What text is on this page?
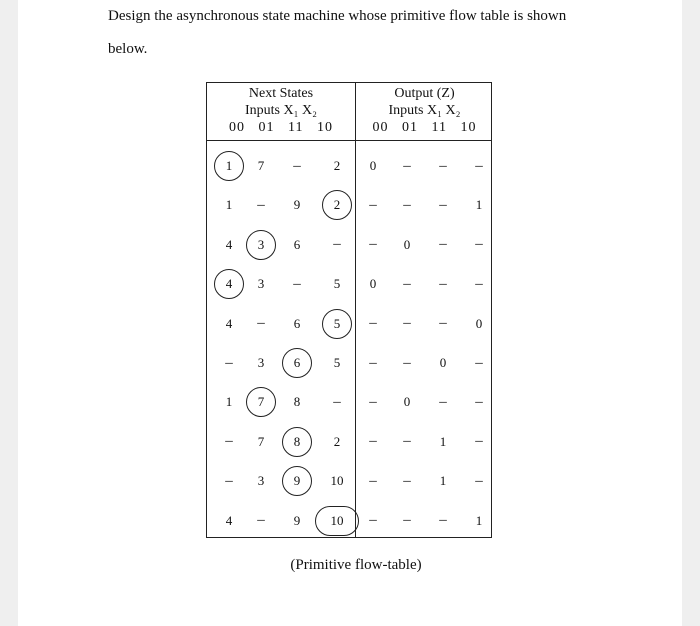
Design the asynchronous state machine whose primitive flow table is shown
below.
Next States
Inputs X₁ X₂
00   01   11   10
Output (Z)
Inputs X₁ X₂
00   01   11   10
1	7	–	2	0	–	–	–
1	–	9	2	–	–	–	1
4	3	6	–	–	0	–	–
4	3	–	5	0	–	–	–
4	–	6	5	–	–	–	0
–	3	6	5	–	–	0	–
1	7	8	–	–	0	–	–
–	7	8	2	–	–	1	–
–	3	9	10	–	–	1	–
4	–	9	10	–	–	–	1
(Primitive flow-table)
